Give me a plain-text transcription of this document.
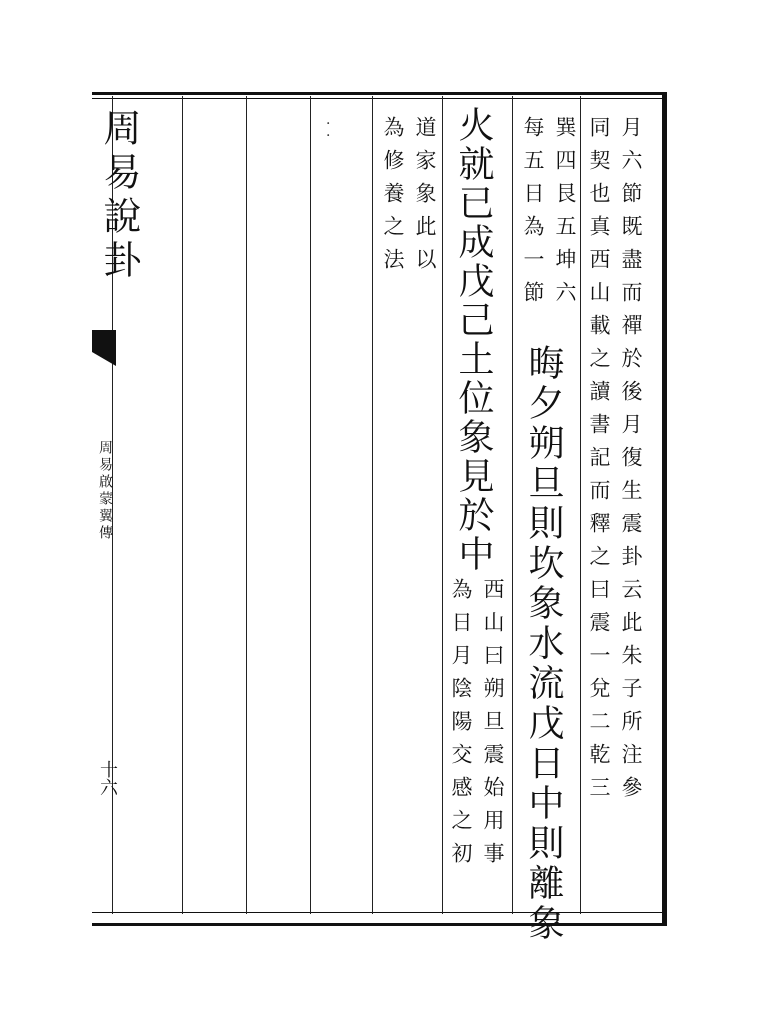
周易說卦
周易啟蒙翼傳
十六
·
·	月六節既盡而禪於後月復生震卦云此朱子所注參
同契也真西山載之讀書記而釋之曰震一兌二乾三
巽四艮五坤六
每五日為一節
晦夕朔旦則坎象水流戊日中則離象
火就已成戊己土位象見於中
西山曰朔旦震始用事
為日月陰陽交感之初
道家象此以
為修養之法
